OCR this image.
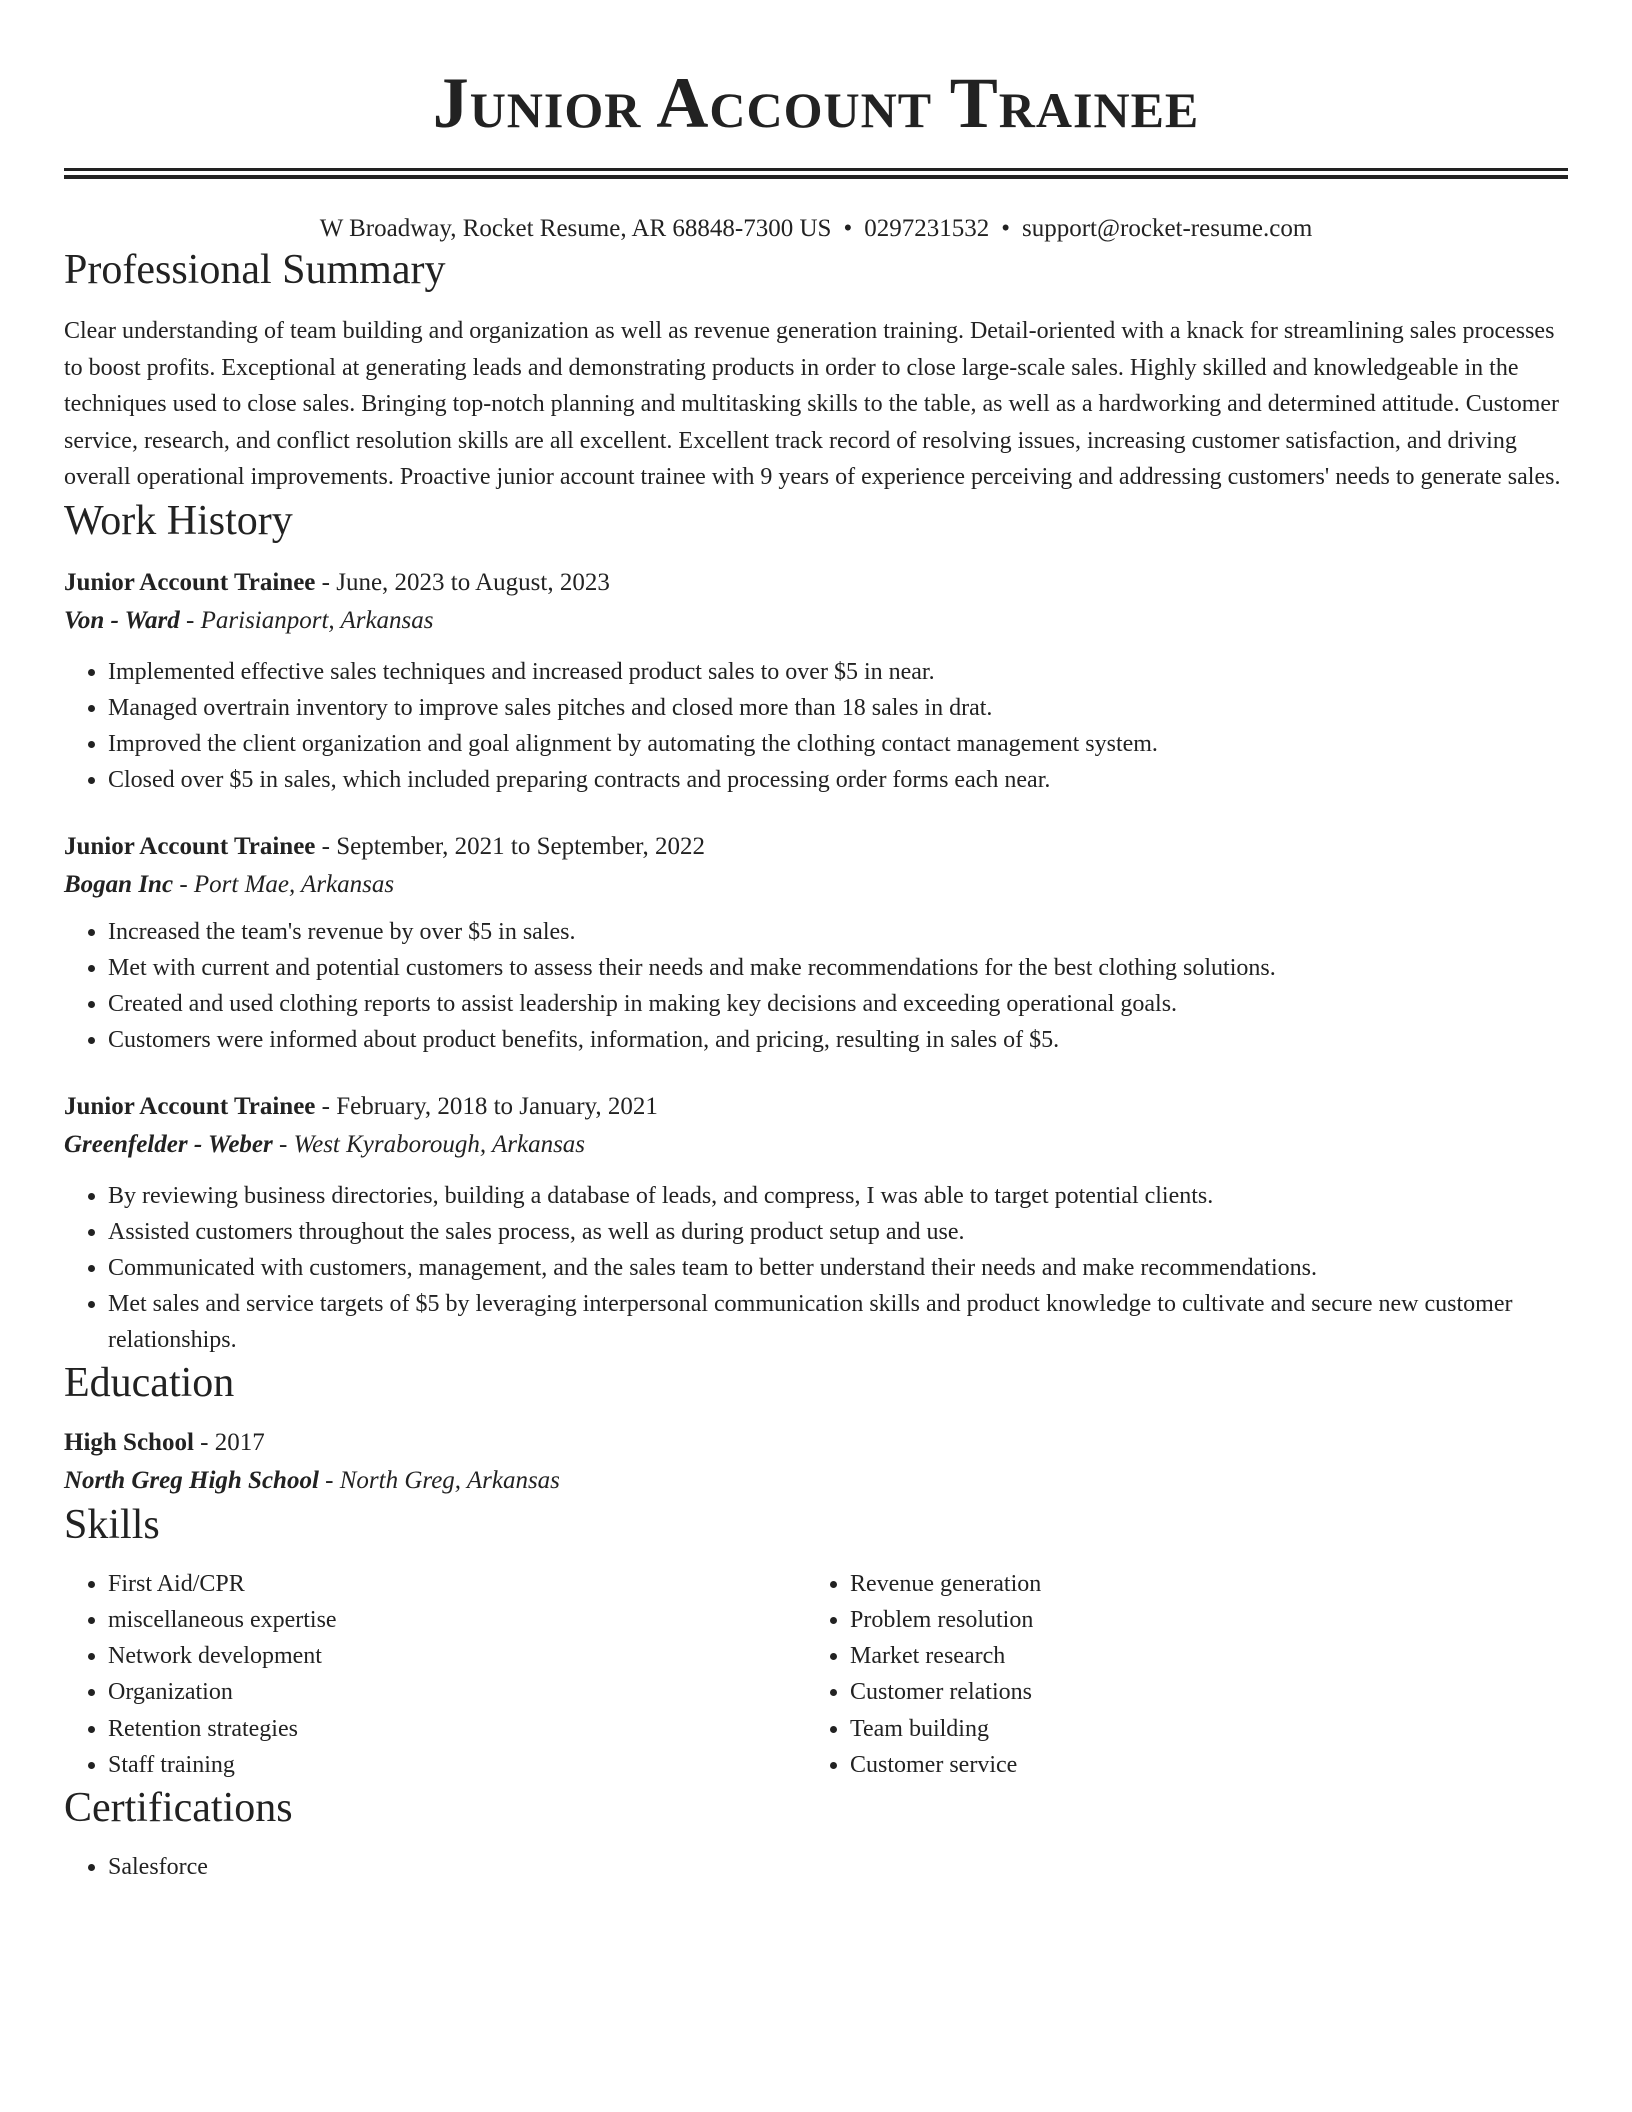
Junior Account Trainee
W Broadway, Rocket Resume, AR 68848-7300 US • 0297231532 • support@rocket-resume.com
Professional Summary
Clear understanding of team building and organization as well as revenue generation training. Detail-oriented with a knack for streamlining sales processes to boost profits. Exceptional at generating leads and demonstrating products in order to close large-scale sales. Highly skilled and knowledgeable in the techniques used to close sales. Bringing top-notch planning and multitasking skills to the table, as well as a hardworking and determined attitude. Customer service, research, and conflict resolution skills are all excellent. Excellent track record of resolving issues, increasing customer satisfaction, and driving overall operational improvements. Proactive junior account trainee with 9 years of experience perceiving and addressing customers' needs to generate sales.
Work History
Junior Account Trainee - June, 2023 to August, 2023
Von - Ward - Parisianport, Arkansas
• Implemented effective sales techniques and increased product sales to over $5 in near.
• Managed overtrain inventory to improve sales pitches and closed more than 18 sales in drat.
• Improved the client organization and goal alignment by automating the clothing contact management system.
• Closed over $5 in sales, which included preparing contracts and processing order forms each near.
Junior Account Trainee - September, 2021 to September, 2022
Bogan Inc - Port Mae, Arkansas
• Increased the team's revenue by over $5 in sales.
• Met with current and potential customers to assess their needs and make recommendations for the best clothing solutions.
• Created and used clothing reports to assist leadership in making key decisions and exceeding operational goals.
• Customers were informed about product benefits, information, and pricing, resulting in sales of $5.
Junior Account Trainee - February, 2018 to January, 2021
Greenfelder - Weber - West Kyraborough, Arkansas
• By reviewing business directories, building a database of leads, and compress, I was able to target potential clients.
• Assisted customers throughout the sales process, as well as during product setup and use.
• Communicated with customers, management, and the sales team to better understand their needs and make recommendations.
• Met sales and service targets of $5 by leveraging interpersonal communication skills and product knowledge to cultivate and secure new customer relationships.
Education
High School - 2017
North Greg High School - North Greg, Arkansas
Skills
• First Aid/CPR
• miscellaneous expertise
• Network development
• Organization
• Retention strategies
• Staff training
• Revenue generation
• Problem resolution
• Market research
• Customer relations
• Team building
• Customer service
Certifications
• Salesforce
